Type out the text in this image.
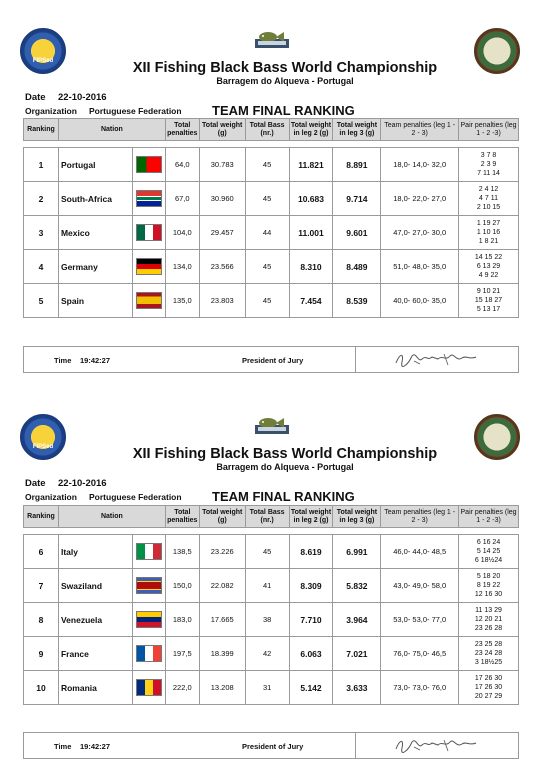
FIPSed	XII Fishing Black Bass World Championship
Barragem do Alqueva - Portugal
Date 22-10-2016
Organization Portuguese Federation TEAM FINAL RANKING
Ranking	Nation		Total penalties	Total weight (g)	Total Bass (nr.)	Total weight in leg 2 (g)	Total weight in leg 3 (g)	Team penalties (leg 1 - 2 - 3)	Pair penalties (leg 1 - 2 -3)

1	Portugal		64,0	30.783	45	11.821	8.891	18,0- 14,0- 32,0	3 7 8
2 3 9
7 11 14

2	South-Africa		67,0	30.960	45	10.683	9.714	18,0- 22,0- 27,0	2 4 12
4 7 11
2 10 15

3	Mexico		104,0	29.457	44	11.001	9.601	47,0- 27,0- 30,0	1 19 27
1 10 16
1 8 21

4	Germany		134,0	23.566	45	8.310	8.489	51,0- 48,0- 35,0	14 15 22
6 13 29
4 9 22

5	Spain		135,0	23.803	45	7.454	8.539	40,0- 60,0- 35,0	9 10 21
15 18 27
5 13 17
Time 19:42:27	President of Jury
FIPSed	XII Fishing Black Bass World Championship
Barragem do Alqueva - Portugal
Date 22-10-2016
Organization Portuguese Federation TEAM FINAL RANKING
Ranking	Nation		Total penalties	Total weight (g)	Total Bass (nr.)	Total weight in leg 2 (g)	Total weight in leg 3 (g)	Team penalties (leg 1 - 2 - 3)	Pair penalties (leg 1 - 2 -3)

6	Italy		138,5	23.226	45	8.619	6.991	46,0- 44,0- 48,5	6 16 24
5 14 25
6 18½24

7	Swaziland		150,0	22.082	41	8.309	5.832	43,0- 49,0- 58,0	5 18 20
8 19 22
12 16 30

8	Venezuela		183,0	17.665	38	7.710	3.964	53,0- 53,0- 77,0	11 13 29
12 20 21
23 26 28

9	France		197,5	18.399	42	6.063	7.021	76,0- 75,0- 46,5	23 25 28
23 24 28
3 18½25

10	Romania		222,0	13.208	31	5.142	3.633	73,0- 73,0- 76,0	17 26 30
17 26 30
20 27 29
Time 19:42:27	President of Jury
